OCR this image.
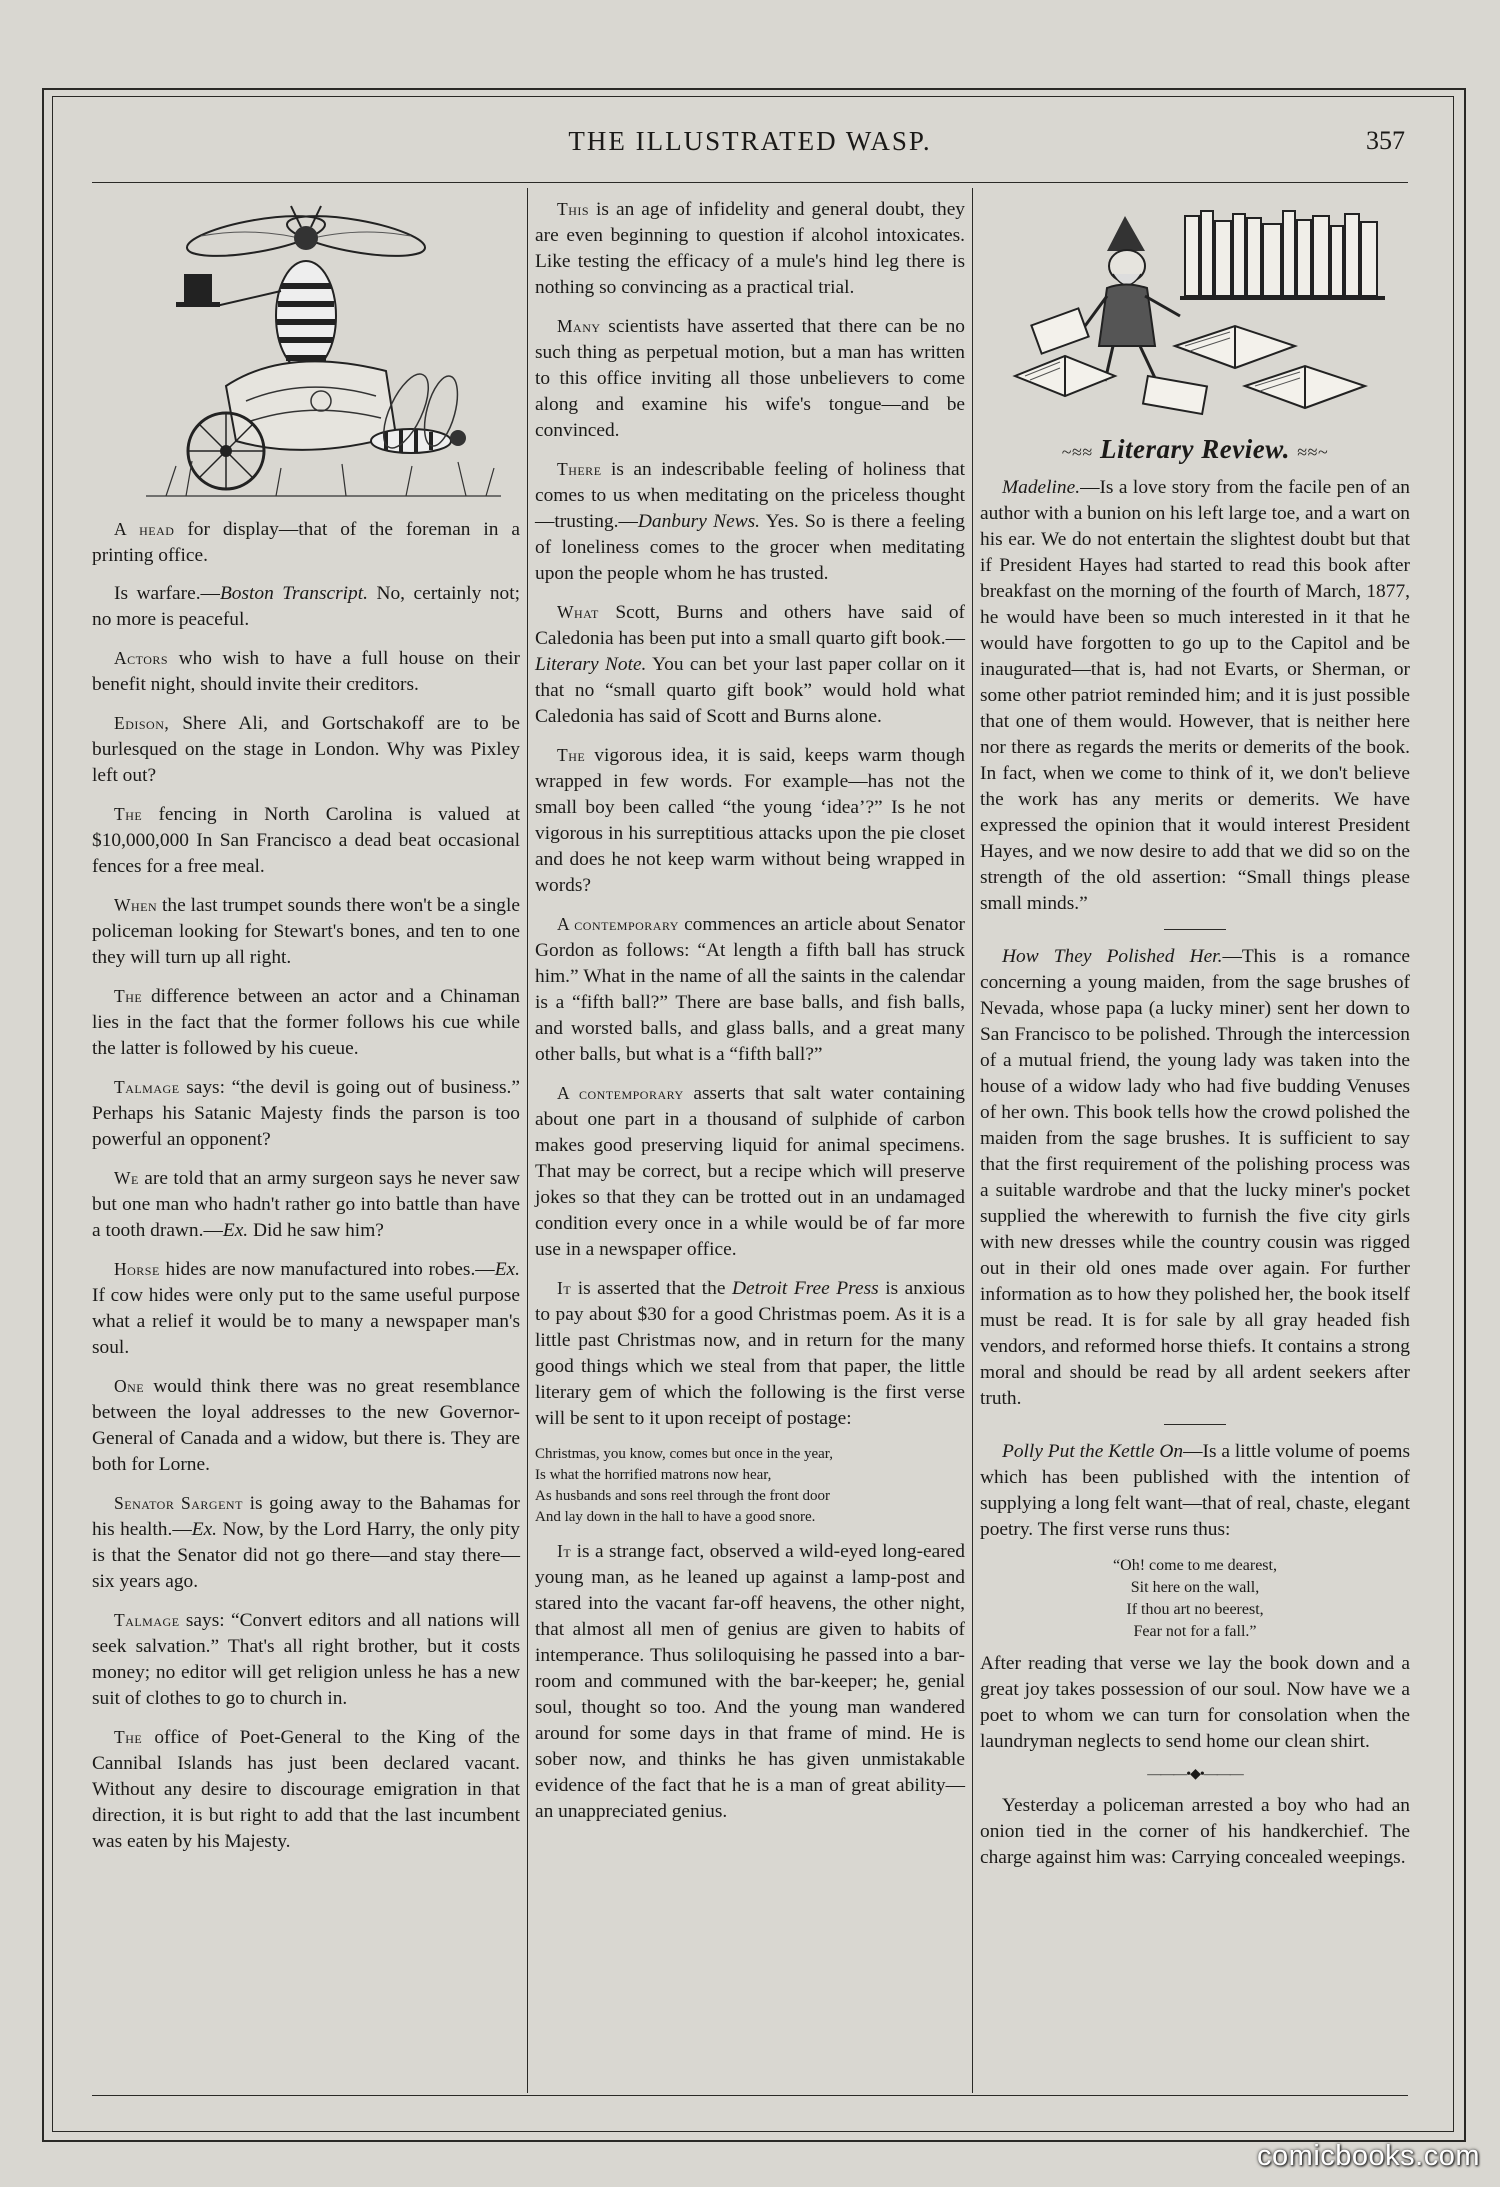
THE ILLUSTRATED WASP.	357

A head for display—that of the foreman in a printing office.

Is warfare.—Boston Transcript. No, certainly not; no more is peaceful.

Actors who wish to have a full house on their benefit night, should invite their creditors.

Edison, Shere Ali, and Gortschakoff are to be burlesqued on the stage in London. Why was Pixley left out?

The fencing in North Carolina is valued at $10,000,000 In San Francisco a dead beat occasional fences for a free meal.

When the last trumpet sounds there won't be a single policeman looking for Stewart's bones, and ten to one they will turn up all right.

The difference between an actor and a Chinaman lies in the fact that the former follows his cue while the latter is followed by his cueue.

Talmage says: “the devil is going out of business.” Perhaps his Satanic Majesty finds the parson is too powerful an opponent?

We are told that an army surgeon says he never saw but one man who hadn't rather go into battle than have a tooth drawn.—Ex. Did he saw him?

Horse hides are now manufactured into robes.—Ex. If cow hides were only put to the same useful purpose what a relief it would be to many a newspaper man's soul.

One would think there was no great resemblance between the loyal addresses to the new Governor-General of Canada and a widow, but there is. They are both for Lorne.

Senator Sargent is going away to the Bahamas for his health.—Ex. Now, by the Lord Harry, the only pity is that the Senator did not go there—and stay there—six years ago.

Talmage says: “Convert editors and all nations will seek salvation.” That's all right brother, but it costs money; no editor will get religion unless he has a new suit of clothes to go to church in.

The office of Poet-General to the King of the Cannibal Islands has just been declared vacant. Without any desire to discourage emigration in that direction, it is but right to add that the last incumbent was eaten by his Majesty.

This is an age of infidelity and general doubt, they are even beginning to question if alcohol intoxicates. Like testing the efficacy of a mule's hind leg there is nothing so convincing as a practical trial.

Many scientists have asserted that there can be no such thing as perpetual motion, but a man has written to this office inviting all those unbelievers to come along and examine his wife's tongue—and be convinced.

There is an indescribable feeling of holiness that comes to us when meditating on the priceless thought—trusting.—Danbury News. Yes. So is there a feeling of loneliness comes to the grocer when meditating upon the people whom he has trusted.

What Scott, Burns and others have said of Caledonia has been put into a small quarto gift book.—Literary Note. You can bet your last paper collar on it that no “small quarto gift book” would hold what Caledonia has said of Scott and Burns alone.

The vigorous idea, it is said, keeps warm though wrapped in few words. For example—has not the small boy been called “the young ‘idea’?” Is he not vigorous in his surreptitious attacks upon the pie closet and does he not keep warm without being wrapped in words?

A contemporary commences an article about Senator Gordon as follows: “At length a fifth ball has struck him.” What in the name of all the saints in the calendar is a “fifth ball?” There are base balls, and fish balls, and worsted balls, and glass balls, and a great many other balls, but what is a “fifth ball?”

A contemporary asserts that salt water containing about one part in a thousand of sulphide of carbon makes good preserving liquid for animal specimens. That may be correct, but a recipe which will preserve jokes so that they can be trotted out in an undamaged condition every once in a while would be of far more use in a newspaper office.

It is asserted that the Detroit Free Press is anxious to pay about $30 for a good Christmas poem. As it is a little past Christmas now, and in return for the many good things which we steal from that paper, the little literary gem of which the following is the first verse will be sent to it upon receipt of postage:

Christmas, you know, comes but once in the year,
Is what the horrified matrons now hear,
As husbands and sons reel through the front door
And lay down in the hall to have a good snore.

It is a strange fact, observed a wild-eyed long-eared young man, as he leaned up against a lamp-post and stared into the vacant far-off heavens, the other night, that almost all men of genius are given to habits of intemperance. Thus soliloquising he passed into a bar-room and communed with the bar-keeper; he, genial soul, thought so too. And the young man wandered around for some days in that frame of mind. He is sober now, and thinks he has given unmistakable evidence of the fact that he is a man of great ability—an unappreciated genius.

~≈≈ Literary Review. ≈≈~

Madeline.—Is a love story from the facile pen of an author with a bunion on his left large toe, and a wart on his ear. We do not entertain the slightest doubt but that if President Hayes had started to read this book after breakfast on the morning of the fourth of March, 1877, he would have been so much interested in it that he would have forgotten to go up to the Capitol and be inaugurated—that is, had not Evarts, or Sherman, or some other patriot reminded him; and it is just possible that one of them would. However, that is neither here nor there as regards the merits or demerits of the book. In fact, when we come to think of it, we don't believe the work has any merits or demerits. We have expressed the opinion that it would interest President Hayes, and we now desire to add that we did so on the strength of the old assertion: “Small things please small minds.”

How They Polished Her.—This is a romance concerning a young maiden, from the sage brushes of Nevada, whose papa (a lucky miner) sent her down to San Francisco to be polished. Through the intercession of a mutual friend, the young lady was taken into the house of a widow lady who had five budding Venuses of her own. This book tells how the crowd polished the maiden from the sage brushes. It is sufficient to say that the first requirement of the polishing process was a suitable wardrobe and that the lucky miner's pocket supplied the wherewith to furnish the five city girls with new dresses while the country cousin was rigged out in their old ones made over again. For further information as to how they polished her, the book itself must be read. It is for sale by all gray headed fish vendors, and reformed horse thiefs. It contains a strong moral and should be read by all ardent seekers after truth.

Polly Put the Kettle On—Is a little volume of poems which has been published with the intention of supplying a long felt want—that of real, chaste, elegant poetry. The first verse runs thus:

“Oh! come to me dearest,
Sit here on the wall,
If thou art no beerest,
Fear not for a fall.”

After reading that verse we lay the book down and a great joy takes possession of our soul. Now have we a poet to whom we can turn for consolation when the laundryman neglects to send home our clean shirt.

———•◆•———

Yesterday a policeman arrested a boy who had an onion tied in the corner of his handkerchief. The charge against him was: Carrying concealed weepings.

comicbooks.com
